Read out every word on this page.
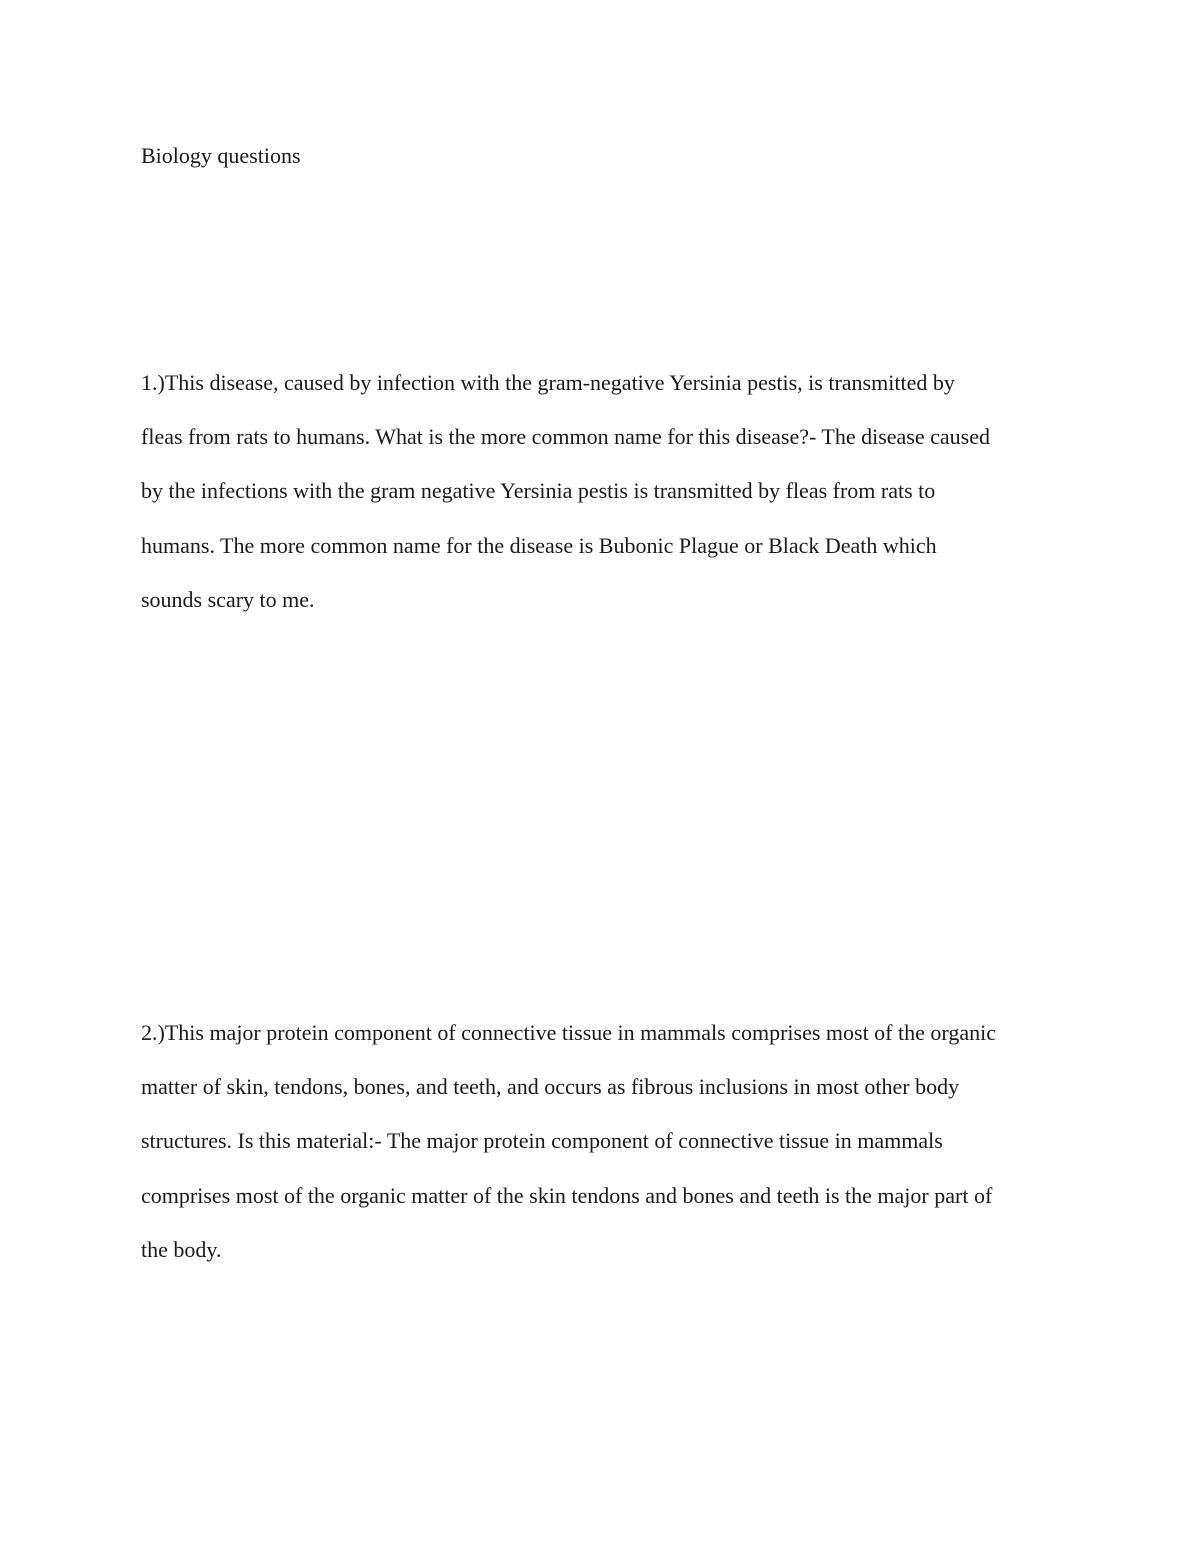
Biology questions
1.)This disease, caused by infection with the gram-negative Yersinia pestis, is transmitted by
fleas from rats to humans. What is the more common name for this disease?- The disease caused
by the infections with the gram negative Yersinia pestis is transmitted by fleas from rats to
humans. The more common name for the disease is Bubonic Plague or Black Death which
sounds scary to me.
2.)This major protein component of connective tissue in mammals comprises most of the organic
matter of skin, tendons, bones, and teeth, and occurs as fibrous inclusions in most other body
structures. Is this material:- The major protein component of connective tissue in mammals
comprises most of the organic matter of the skin tendons and bones and teeth is the major part of
the body.
